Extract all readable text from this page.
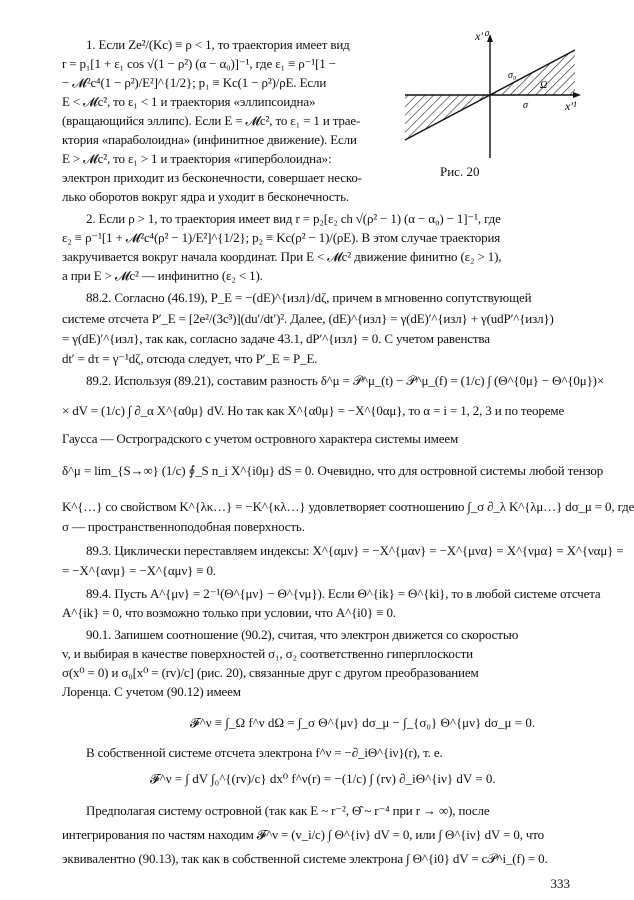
x′⁰
x′¹
σ₀
Ω
σ
Рис. 20
1. Если Ze²/(Kc) ≡ ρ < 1, то траектория имеет вид
r = p₁[1 + ε₁ cos √(1 − ρ²) (α − α₀)]⁻¹, где ε₁ ≡ ρ⁻¹[1 −
− 𝓜²c⁴(1 − ρ²)/E²]^{1/2}; p₁ ≡ Kc(1 − ρ²)/ρE. Если
E < 𝓜c², то ε₁ < 1 и траектория «эллипсоидна»
(вращающийся эллипс). Если E = 𝓜c², то ε₁ = 1 и трае-
ктория «параболоидна» (инфинитное движение). Если
E > 𝓜c², то ε₁ > 1 и траектория «гиперболоидна»:
электрон приходит из бесконечности, совершает неско-
лько оборотов вокруг ядра и уходит в бесконечность.
2. Если ρ > 1, то траектория имеет вид r = p₂[ε₂ ch √(ρ² − 1) (α − α₀) − 1]⁻¹, где
ε₂ ≡ ρ⁻¹[1 + 𝓜²c⁴(ρ² − 1)/E²]^{1/2}; p₂ ≡ Kc(ρ² − 1)/(ρE). В этом случае траектория
закручивается вокруг начала координат. При E < 𝓜c² движение финитно (ε₂ > 1),
а при E > 𝓜c² — инфинитно (ε₂ < 1).
88.2. Согласно (46.19), P_E = −(dE)^{изл}/dζ, причем в мгновенно сопутствующей
системе отсчета P′_E = [2e²/(3c³)](du′/dt′)². Далее, (dE)^{изл} = γ(dE)′^{изл} + γ(udP′^{изл})
= γ(dE)′^{изл}, так как, согласно задаче 43.1, dP′^{изл} = 0. С учетом равенства
dt′ = dτ = γ⁻¹dζ, отсюда следует, что P′_E = P_E.
89.2. Используя (89.21), составим разность δ^μ = 𝒫^μ_(t) − 𝒫^μ_(f) = (1/c) ∫ (Θ^{0μ} − Θ^{0μ})×
× dV = (1/c) ∫ ∂_α X^{α0μ} dV. Но так как X^{α0μ} = −X^{0αμ}, то α = i = 1, 2, 3 и по теореме
Гаусса — Остроградского с учетом островного характера системы имеем
δ^μ = lim_{S→∞} (1/c) ∮_S n_i X^{i0μ} dS = 0. Очевидно, что для островной системы любой тензор
K^{…} со свойством K^{λκ…} = −K^{κλ…} удовлетворяет соотношению ∫_σ ∂_λ K^{λμ…} dσ_μ = 0, где
σ — пространственноподобная поверхность.
89.3. Циклически переставляем индексы: X^{αμν} = −X^{μαν} = −X^{μνα} = X^{νμα} = X^{ναμ} =
= −X^{ανμ} = −X^{αμν} ≡ 0.
89.4. Пусть A^{μν} = 2⁻¹(Θ^{μν} − Θ^{νμ}). Если Θ^{ik} = Θ^{ki}, то в любой системе отсчета
A^{ik} = 0, что возможно только при условии, что A^{i0} ≡ 0.
90.1. Запишем соотношение (90.2), считая, что электрон движется со скоростью
v, и выбирая в качестве поверхностей σ₁, σ₂ соответственно гиперплоскости
σ(x⁰ = 0) и σ₀[x⁰ = (rv)/c] (рис. 20), связанные друг с другом преобразованием
Лоренца. С учетом (90.12) имеем
𝓕^ν ≡ ∫_Ω f^ν dΩ = ∫_σ Θ^{μν} dσ_μ − ∫_{σ₀} Θ^{μν} dσ_μ = 0.
В собственной системе отсчета электрона f^ν = −∂_iΘ^{iν}(r), т. е.
𝓕^ν = ∫ dV ∫₀^{(rv)/c} dx⁰ f^ν(r) = −(1/c) ∫ (rv) ∂_iΘ^{iν} dV = 0.
Предполагая систему островной (так как E ~ r⁻², Θ̂ ~ r⁻⁴ при r → ∞), после
интегрирования по частям находим 𝓕^ν = (v_i/c) ∫ Θ^{iν} dV = 0, или ∫ Θ^{iν} dV = 0, что
эквивалентно (90.13), так как в собственной системе электрона ∫ Θ^{i0} dV = c𝒫^i_(f) = 0.
333
